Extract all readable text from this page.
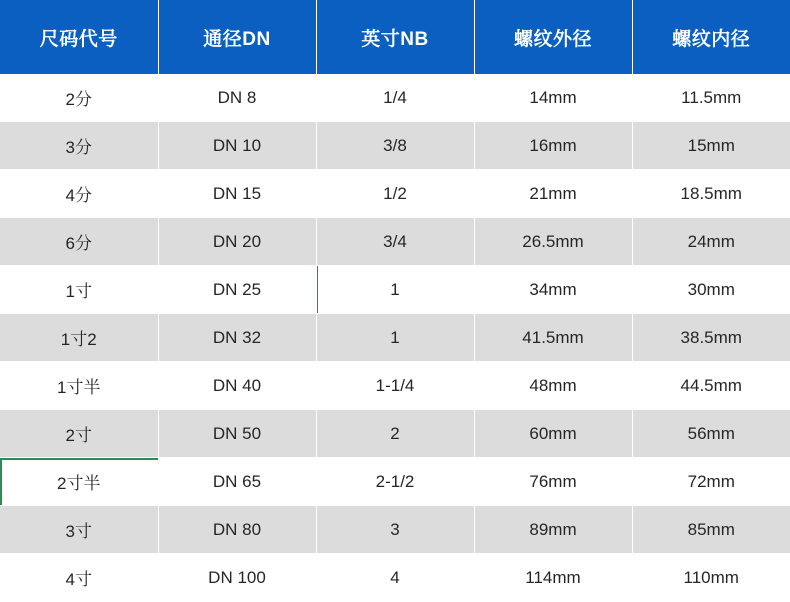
尺码代号	通径DN	英寸NB	螺纹外径	螺纹内径
2分	DN 8	1/4	14mm	11.5mm
3分	DN 10	3/8	16mm	15mm
4分	DN 15	1/2	21mm	18.5mm
6分	DN 20	3/4	26.5mm	24mm
1寸	DN 25	1	34mm	30mm
1寸2	DN 32	1	41.5mm	38.5mm
1寸半	DN 40	1-1/4	48mm	44.5mm
2寸	DN 50	2	60mm	56mm
2寸半	DN 65	2-1/2	76mm	72mm
3寸	DN 80	3	89mm	85mm
4寸	DN 100	4	114mm	110mm
